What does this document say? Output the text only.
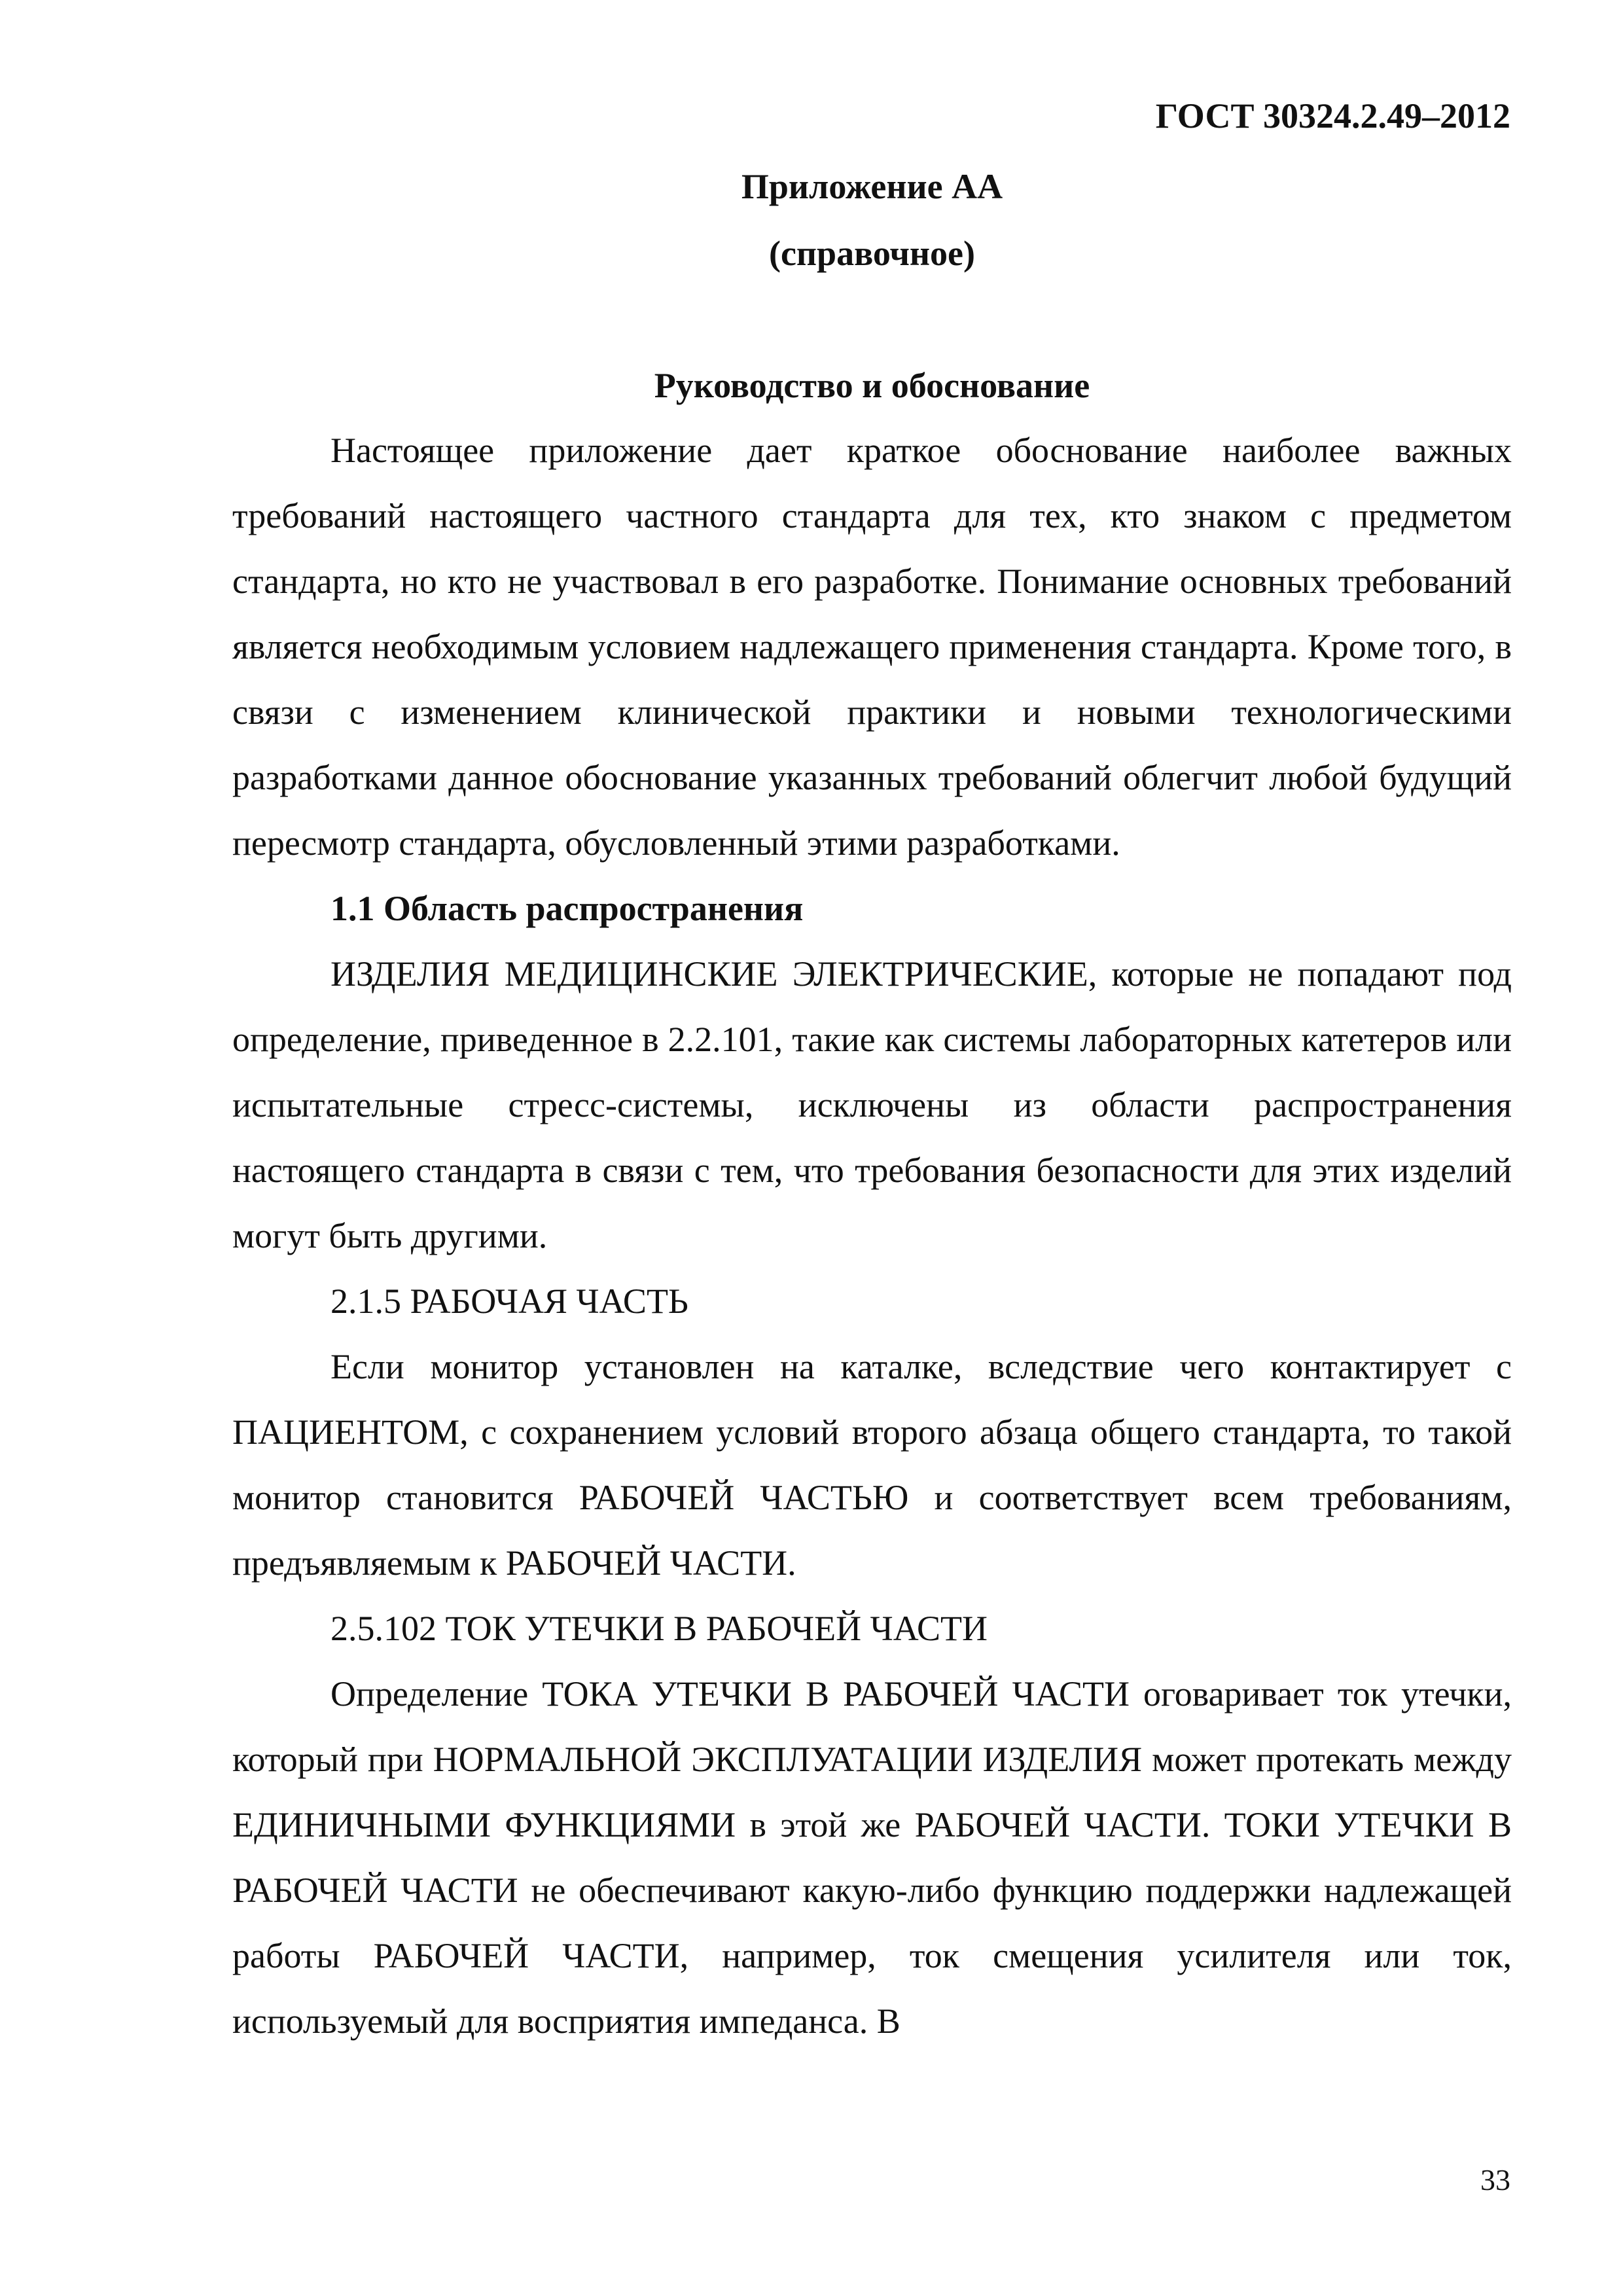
ГОСТ 30324.2.49–2012
Приложение АА
(справочное)
Руководство и обоснование

Настоящее приложение дает краткое обоснование наиболее важных требований настоящего частного стандарта для тех, кто знаком с предметом стандарта, но кто не участвовал в его разработке. Понимание основных требований является необходимым условием надлежащего применения стандарта. Кроме того, в связи с изменением клинической практики и новыми технологическими разработками данное обоснование указанных требований облегчит любой будущий пересмотр стандарта, обусловленный этими разработками.

1.1 Область распространения

ИЗДЕЛИЯ МЕДИЦИНСКИЕ ЭЛЕКТРИЧЕСКИЕ, которые не попадают под определение, приведенное в 2.2.101, такие как системы лабораторных катетеров или испытательные стресс-системы, исключены из области распространения настоящего стандарта в связи с тем, что требования безопасности для этих изделий могут быть другими.

2.1.5 РАБОЧАЯ ЧАСТЬ

Если монитор установлен на каталке, вследствие чего контактирует с ПАЦИЕНТОМ, с сохранением условий второго абзаца общего стандарта, то такой монитор становится РАБОЧЕЙ ЧАСТЬЮ и соответствует всем требованиям, предъявляемым к РАБОЧЕЙ ЧАСТИ.

2.5.102 ТОК УТЕЧКИ В РАБОЧЕЙ ЧАСТИ

Определение ТОКА УТЕЧКИ В РАБОЧЕЙ ЧАСТИ оговаривает ток утечки, который при НОРМАЛЬНОЙ ЭКСПЛУАТАЦИИ ИЗДЕЛИЯ может протекать между ЕДИНИЧНЫМИ ФУНКЦИЯМИ в этой же РАБОЧЕЙ ЧАСТИ. ТОКИ УТЕЧКИ В РАБОЧЕЙ ЧАСТИ не обеспечивают какую-либо функцию поддержки надлежащей работы РАБОЧЕЙ ЧАСТИ, например, ток смещения усилителя или ток, используемый для восприятия импеданса. В

33
